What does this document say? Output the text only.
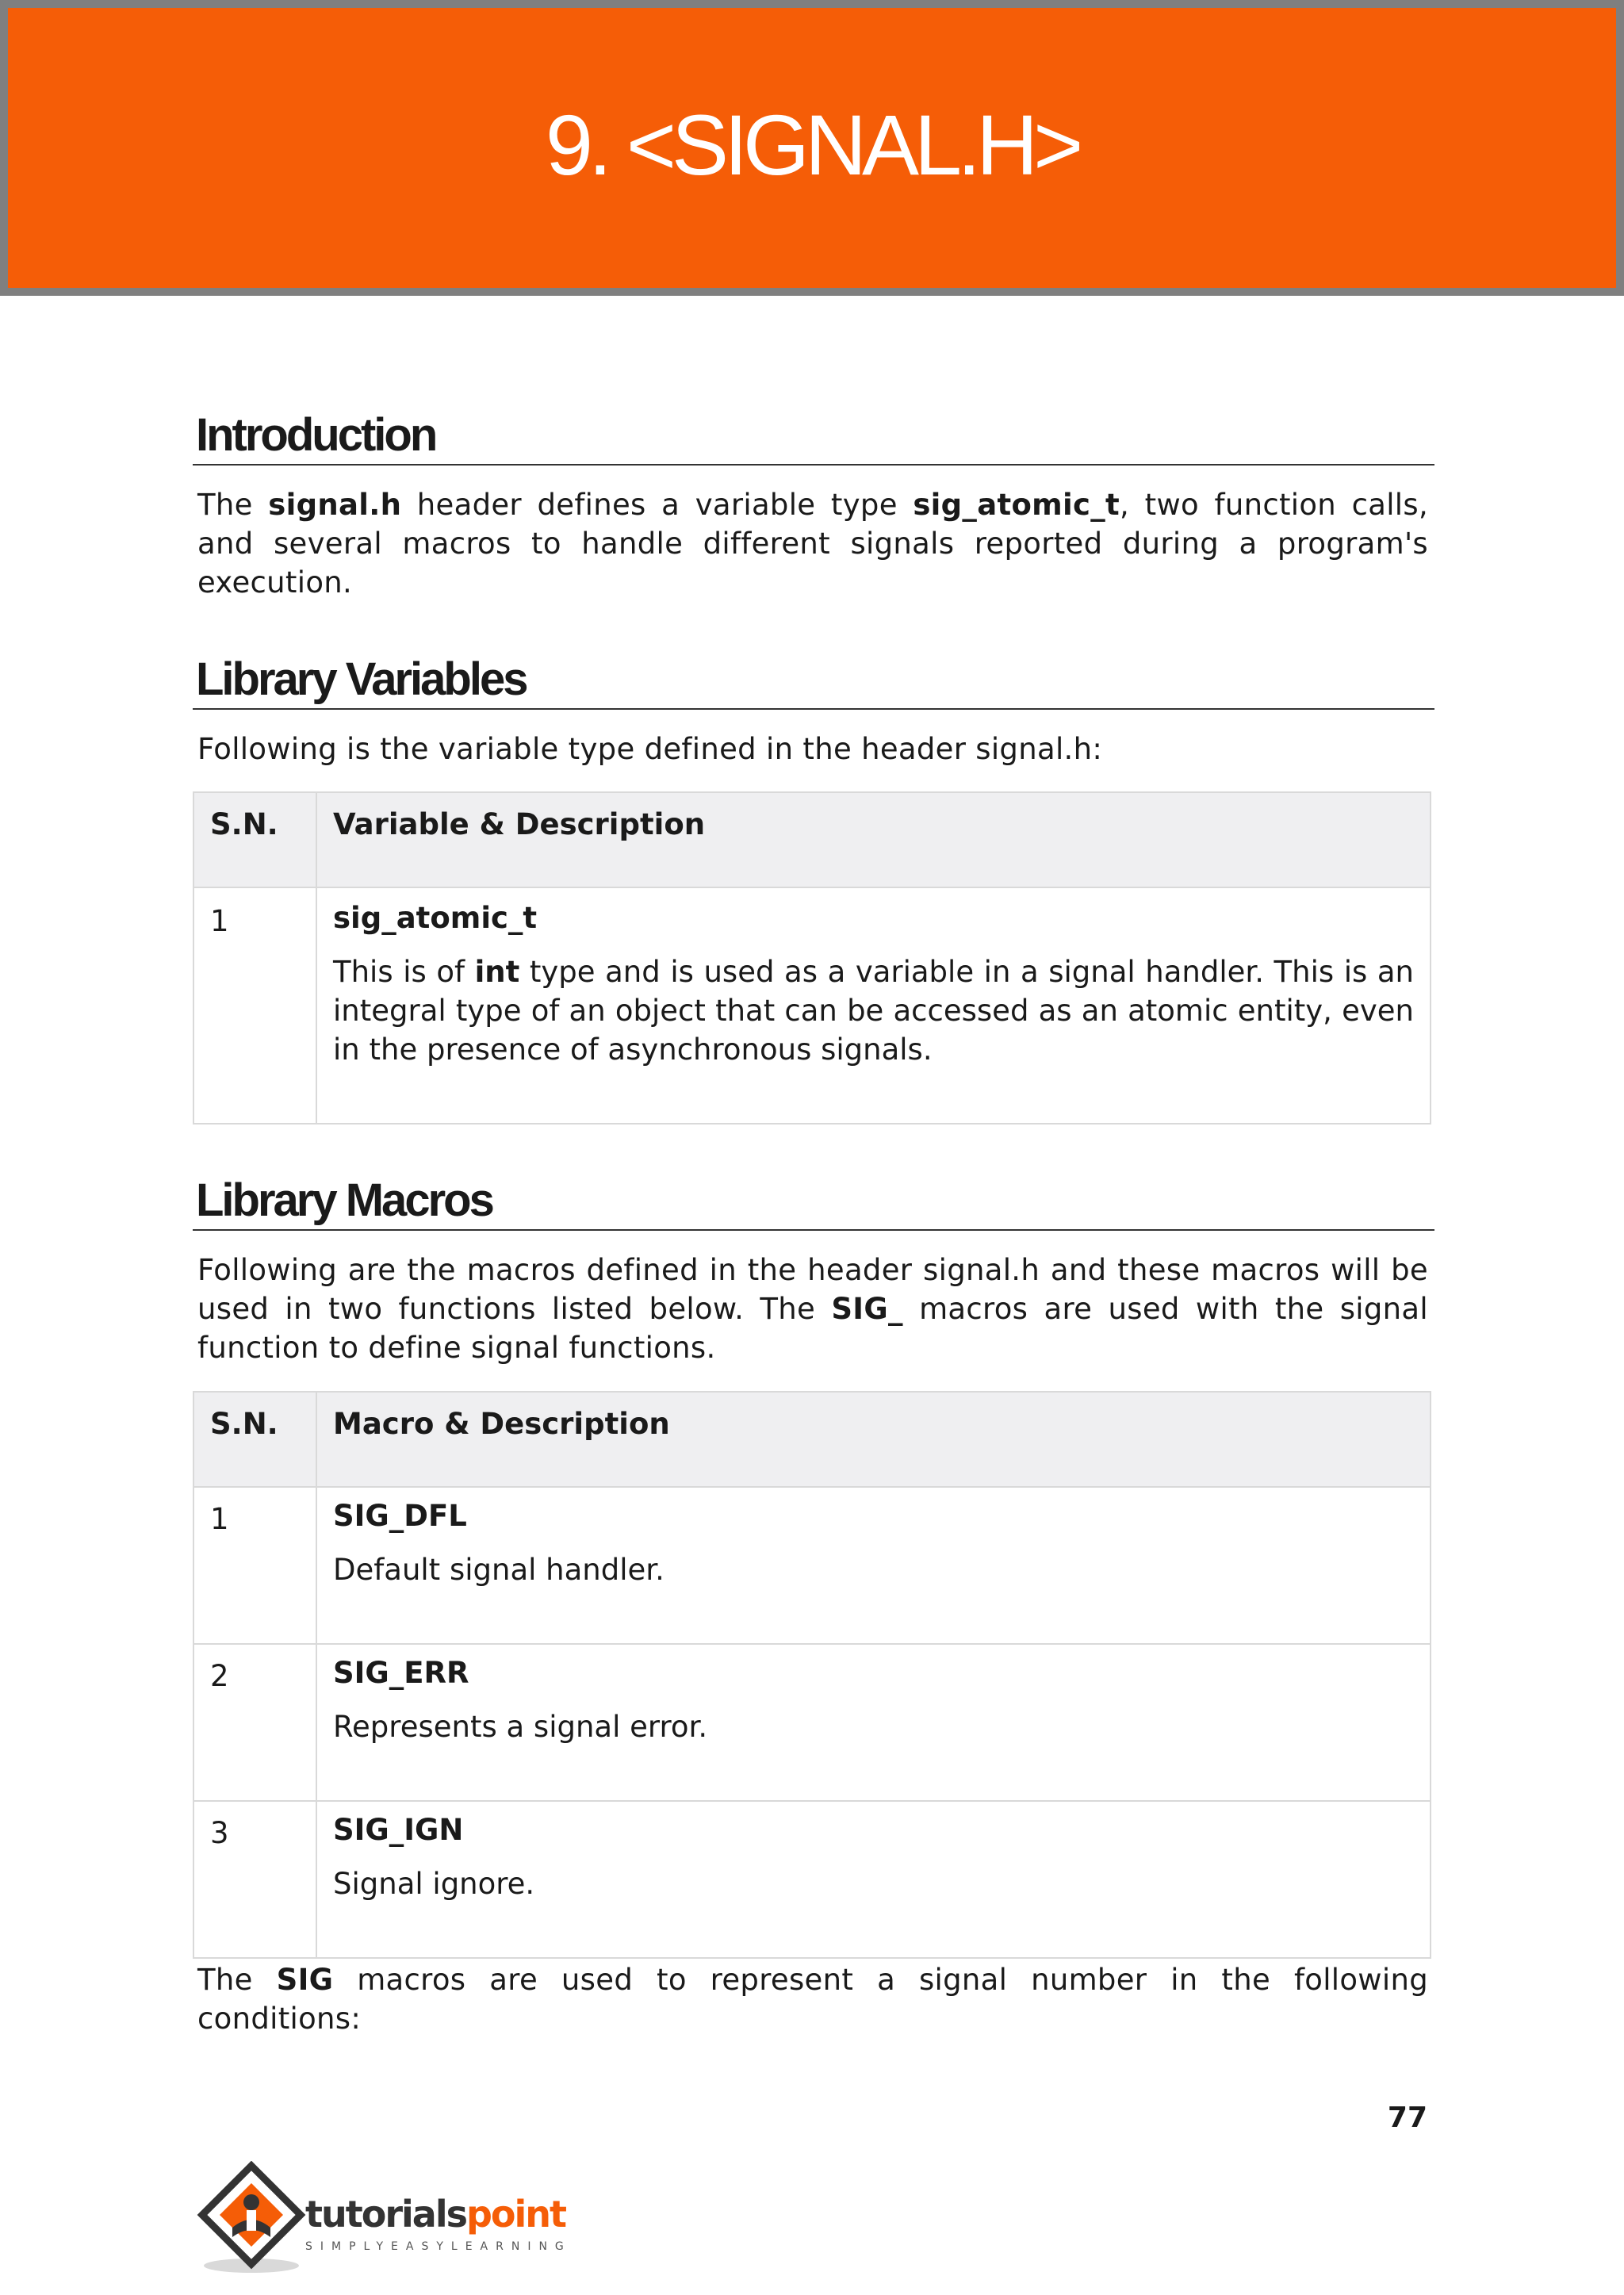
9. <SIGNAL.H>
Introduction
The signal.h header defines a variable type sig_atomic_t, two function calls, and several macros to handle different signals reported during a program's execution.
Library Variables
Following is the variable type defined in the header signal.h:
S.N.	Variable & Description
1	sig_atomic_t
This is of int type and is used as a variable in a signal handler. This is an integral type of an object that can be accessed as an atomic entity, even in the presence of asynchronous signals.
Library Macros
Following are the macros defined in the header signal.h and these macros will be used in two functions listed below. The SIG_ macros are used with the signal function to define signal functions.
S.N.	Macro & Description
1	SIG_DFL
Default signal handler.

2	SIG_ERR
Represents a signal error.

3	SIG_IGN
Signal ignore.
The SIG macros are used to represent a signal number in the following conditions:
77
tutorialspoint
SIMPLYEASYLEARNING
